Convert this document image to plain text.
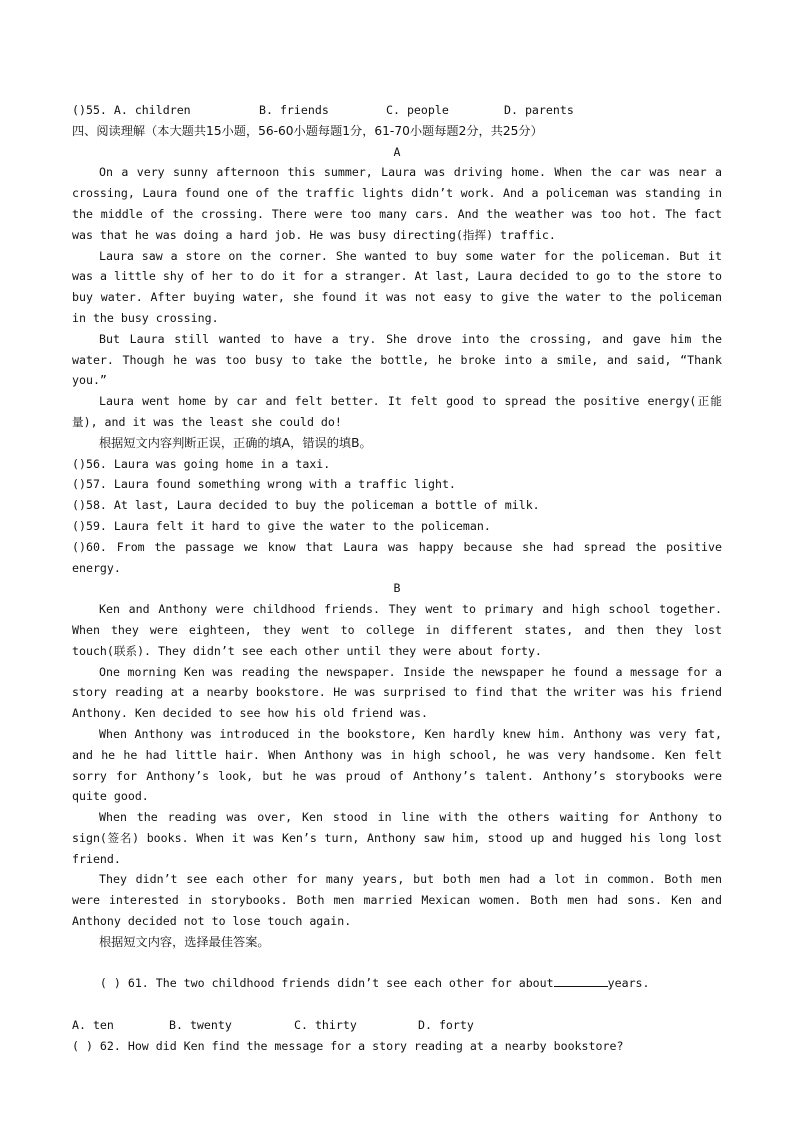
()55. A. children	B. friends	C. people	D. parents

四、阅读理解（本大题共15小题，56-60小题每题1分，61-70小题每题2分，共25分）

A

On a very sunny afternoon this summer, Laura was driving home. When the car was near a crossing, Laura found one of the traffic lights didn’t work. And a policeman was standing in the middle of the crossing. There were too many cars. And the weather was too hot. The fact was that he was doing a hard job. He was busy directing(指挥) traffic.

Laura saw a store on the corner. She wanted to buy some water for the policeman. But it was a little shy of her to do it for a stranger. At last, Laura decided to go to the store to buy water. After buying water, she found it was not easy to give the water to the policeman in the busy crossing.

But Laura still wanted to have a try. She drove into the crossing, and gave him the water. Though he was too busy to take the bottle, he broke into a smile, and said, “Thank you.”

Laura went home by car and felt better. It felt good to spread the positive energy(正能量), and it was the least she could do!

根据短文内容判断正误，正确的填A，错误的填B。

()56. Laura was going home in a taxi.

()57. Laura found something wrong with a traffic light.

()58. At last, Laura decided to buy the policeman a bottle of milk.

()59. Laura felt it hard to give the water to the policeman.

()60. From the passage we know that Laura was happy because she had spread the positive energy.

B

Ken and Anthony were childhood friends. They went to primary and high school together. When they were eighteen, they went to college in different states, and then they lost touch(联系). They didn’t see each other until they were about forty.

One morning Ken was reading the newspaper. Inside the newspaper he found a message for a story reading at a nearby bookstore. He was surprised to find that the writer was his friend Anthony. Ken decided to see how his old friend was.

When Anthony was introduced in the bookstore, Ken hardly knew him. Anthony was very fat, and he he had little hair. When Anthony was in high school, he was very handsome. Ken felt sorry for Anthony’s look, but he was proud of Anthony’s talent. Anthony’s storybooks were quite good.

When the reading was over, Ken stood in line with the others waiting for Anthony to sign(签名) books. When it was Ken’s turn, Anthony saw him, stood up and hugged his long lost friend.

They didn’t see each other for many years, but both men had a lot in common. Both men were interested in storybooks. Both men married Mexican women. Both men had sons. Ken and Anthony decided not to lose touch again.

根据短文内容，选择最佳答案。

( ) 61. The two childhood friends didn’t see each other for about	years.

A. ten	B. twenty	C. thirty	D. forty

( ) 62. How did Ken find the message for a story reading at a nearby bookstore?
